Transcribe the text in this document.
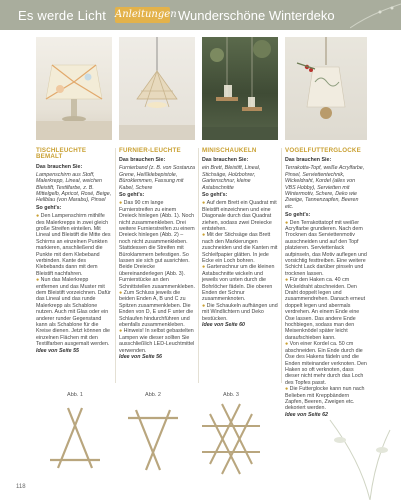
Es werde Licht Anleitungen Wunderschöne Winterdeko
TISCHLEUCHTE BEMALT

Das brauchen Sie:

Lampenschirm aus Stoff, Malerkrepp, Lineal, weichen Bleistift, Textilfarbe, z. B. Mittelgelb, Apricot, Rosé, Beige, Hellblau (von Marabu), Pinsel

So geht's:

● Den Lampenschirm mithilfe des Malerkrepps in zwei gleich große Streifen einteilen. Mit Lineal und Bleistift die Mitte des Schirms an einzelnen Punkten markieren, anschließend die Punkte mit dem Klebeband verbinden. Kante des Klebebands dann mit dem Bleistift nachfahren.

● Nun das Malerkrepp entfernen und das Muster mit dem Bleistift vorzeichnen. Dafür das Lineal und das runde Malerkrepp als Schablone nutzen. Auch mit Glas oder ein anderer runder Gegenstand kann als Schablone für die Kreise dienen. Jetzt können die einzelnen Flächen mit den Textilfarben ausgemalt werden.

Idee von Seite 55

FURNIER-LEUCHTE

Das brauchen Sie:

Furnierband (z. B. von Sostanza Grene, Heißklebepistole, Büroklemmen, Fassung mit Kabel, Schere

So geht's:

● Das 90 cm lange Furnierstreifen zu einem Dreieck hinlegen (Abb. 1). Noch nicht zusammenkleben. Drei weitere Furnierstreifen zu einem Dreieck hinlegen (Abb. 2) – noch nicht zusammenkleben. Stattdessen die Streifen mit Büroklammern befestigen. So lassen sie sich gut ausrichten. Beide Dreiecke übereinanderlegen (Abb. 3). Furnierstücke an den Schnittstellen zusammenkleben.

● Zum Schluss jeweils die beiden Enden A, B und C zu Spitzen zusammenkleben. Die Enden von D, E und F unter die Schlaufen hindurchführen und ebenfalls zusammenkleben.

● Hinweis! In selbst gebastelten Lampen wie dieser sollten Sie ausschließlich LED-Leuchtmittel verwenden.

Idee von Seite 56

MINISCHAUKELN

Das brauchen Sie:

ein Brett, Bleistift, Lineal, Stichsäge, Holzbohrer, Gartenschnur, kleine Astabschnitte

So geht's:

● Auf dem Brett ein Quadrat mit Bleistift einzeichnen und eine Diagonale durch das Quadrat ziehen, sodass zwei Dreiecke entstehen.

● Mit der Stichsäge das Brett nach den Markierungen zuschneiden und die Kanten mit Schleifpapier glätten. In jede Ecke ein Loch bohren.

● Gartenschnur um die kleinen Astabschnitte wickeln und jeweils von unten durch die Bohrlöcher fädeln. Die oberen Enden der Schnur zusammenknoten.

● Die Schaukeln aufhängen und mit Windlichtern und Deko bestücken.

Idee von Seite 60

VOGELFUTTERGLOCKE

Das brauchen Sie:

Terrakotta-Topf, weiße Acrylfarbe, Pinsel, Serviettentechnik, Wickeldraht, Kordel (alles von VBS Hobby), Servietten mit Wintermotiv, Schere, Deko wie Zweige, Tannenzapfen, Beeren etc.

So geht's:

● Den Terrakottatopf mit weißer Acrylfarbe grundieren. Nach dem Trocknen das Serviettenmotiv ausschneiden und auf den Topf platzieren. Serviettenlack aufpinseln, das Motiv auflegen und vorsichtig festtreiben. Eine weitere Schicht Lack darüber pinseln und trocknen lassen.

● Für den Haken ca. 40 cm Wickeldraht abschneiden. Den Draht doppelt legen und zusammendrehen. Danach erneut doppelt legen und abermals verdrehen. An einem Ende eine Öse lassen. Das andere Ende hochbiegen, sodass man den Meisenknödel später leicht daraufschieben kann.

● Von einer Kordel ca. 50 cm abschneiden. Ein Ende durch die Öse des Hakens fädeln und die Enden miteinander verknoten. Den Haken so oft verknoten, dass dieser nicht mehr durch das Loch des Topfes passt.

● Die Futterglocke kann nun nach Belieben mit Kreppbändern Zapfen, Beeren, Zweigen etc. dekoriert werden.

Idee von Seite 62

Abb. 1	Abb. 2	Abb. 3
118
